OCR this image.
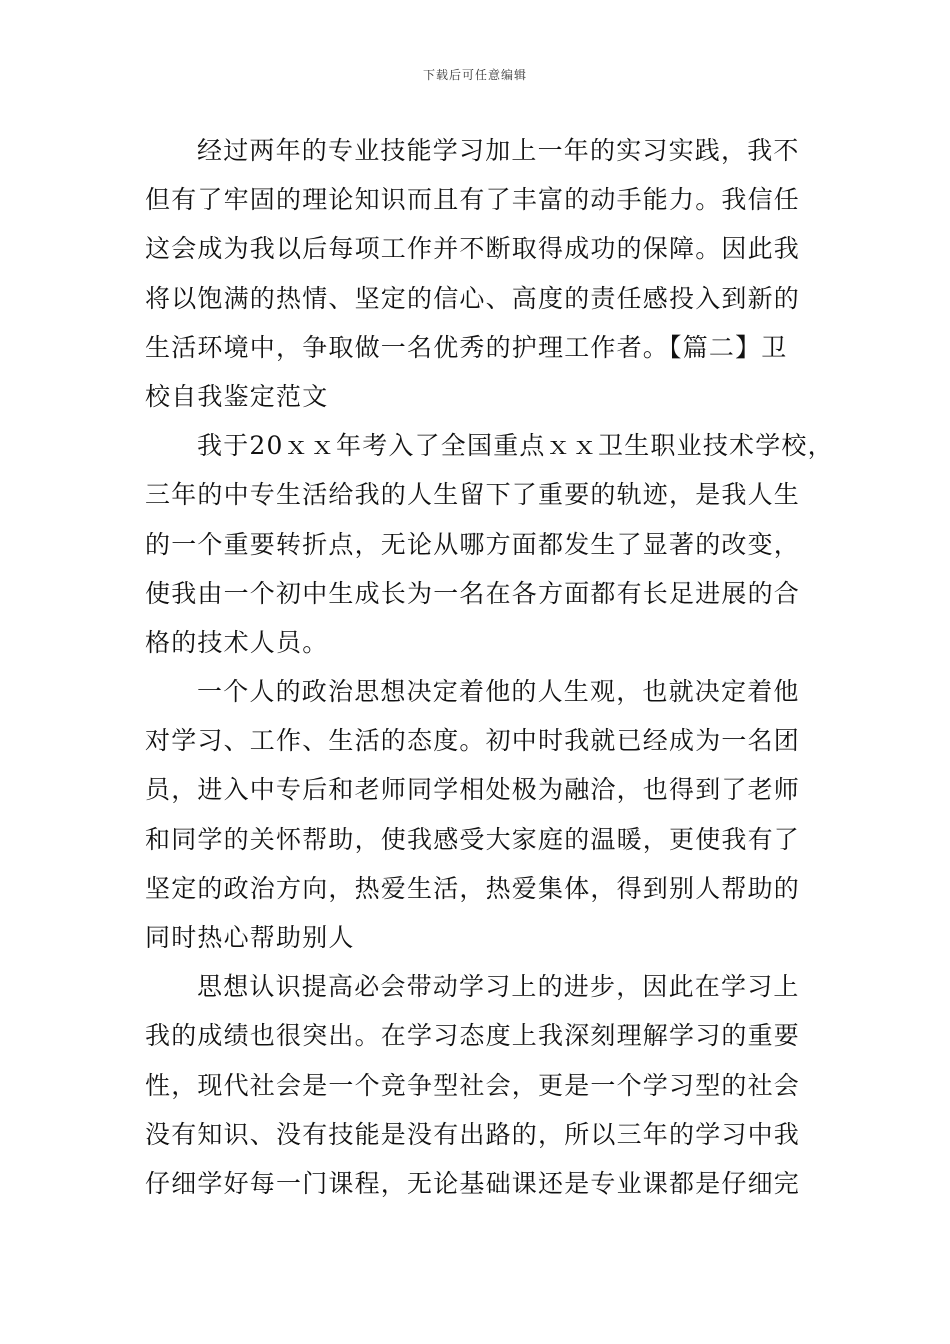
下载后可任意编辑
经过两年的专业技能学习加上一年的实习实践，我不
但有了牢固的理论知识而且有了丰富的动手能力。我信任
这会成为我以后每项工作并不断取得成功的保障。因此我
将以饱满的热情、坚定的信心、高度的责任感投入到新的
生活环境中，争取做一名优秀的护理工作者。【篇二】卫
校自我鉴定范文
我于20ｘｘ年考入了全国重点ｘｘ卫生职业技术学校，
三年的中专生活给我的人生留下了重要的轨迹，是我人生
的一个重要转折点，无论从哪方面都发生了显著的改变，
使我由一个初中生成长为一名在各方面都有长足进展的合
格的技术人员。
一个人的政治思想决定着他的人生观，也就决定着他
对学习、工作、生活的态度。初中时我就已经成为一名团
员，进入中专后和老师同学相处极为融洽，也得到了老师
和同学的关怀帮助，使我感受大家庭的温暖，更使我有了
坚定的政治方向，热爱生活，热爱集体，得到别人帮助的
同时热心帮助别人
思想认识提高必会带动学习上的进步，因此在学习上
我的成绩也很突出。在学习态度上我深刻理解学习的重要
性，现代社会是一个竞争型社会，更是一个学习型的社会
没有知识、没有技能是没有出路的，所以三年的学习中我
仔细学好每一门课程，无论基础课还是专业课都是仔细完
